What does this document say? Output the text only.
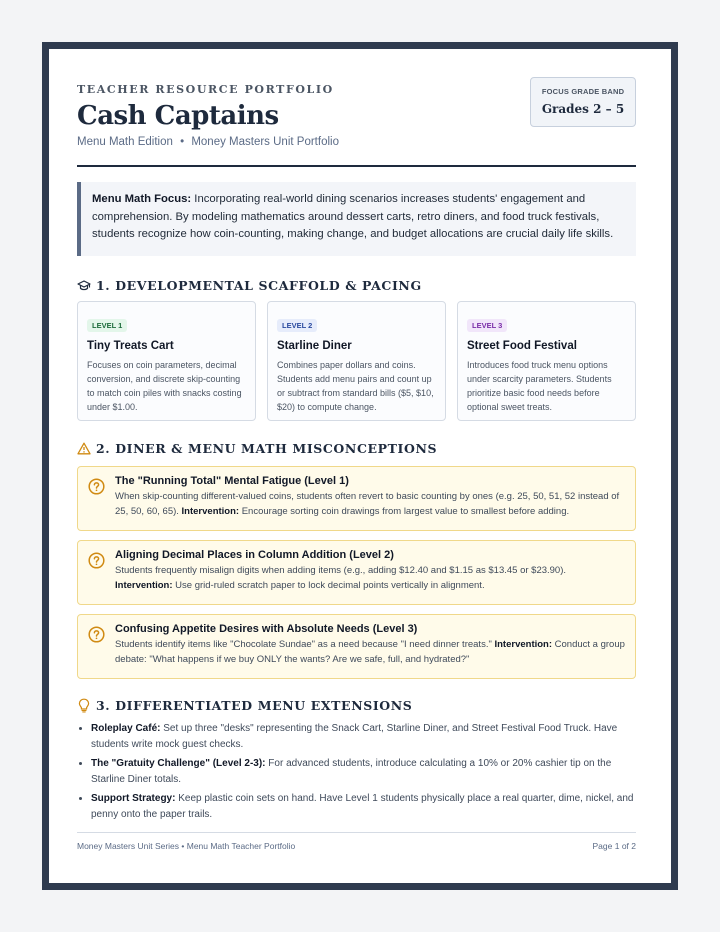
TEACHER RESOURCE PORTFOLIO
Cash Captains
Menu Math Edition • Money Masters Unit Portfolio
FOCUS GRADE BAND
Grades 2 – 5
Menu Math Focus: Incorporating real-world dining scenarios increases students' engagement and comprehension. By modeling mathematics around dessert carts, retro diners, and food truck festivals, students recognize how coin-counting, making change, and budget allocations are crucial daily life skills.
1. DEVELOPMENTAL SCAFFOLD & PACING
LEVEL 1
Tiny Treats Cart
Focuses on coin parameters, decimal conversion, and discrete skip-counting to match coin piles with snacks costing under $1.00.
LEVEL 2
Starline Diner
Combines paper dollars and coins. Students add menu pairs and count up or subtract from standard bills ($5, $10, $20) to compute change.
LEVEL 3
Street Food Festival
Introduces food truck menu options under scarcity parameters. Students prioritize basic food needs before optional sweet treats.
2. DINER & MENU MATH MISCONCEPTIONS
The "Running Total" Mental Fatigue (Level 1)
When skip-counting different-valued coins, students often revert to basic counting by ones (e.g. 25, 50, 51, 52 instead of 25, 50, 60, 65). Intervention: Encourage sorting coin drawings from largest value to smallest before adding.
Aligning Decimal Places in Column Addition (Level 2)
Students frequently misalign digits when adding items (e.g., adding $12.40 and $1.15 as $13.45 or $23.90). Intervention: Use grid-ruled scratch paper to lock decimal points vertically in alignment.
Confusing Appetite Desires with Absolute Needs (Level 3)
Students identify items like "Chocolate Sundae" as a need because "I need dinner treats." Intervention: Conduct a group debate: "What happens if we buy ONLY the wants? Are we safe, full, and hydrated?"
3. DIFFERENTIATED MENU EXTENSIONS
• Roleplay Café: Set up three "desks" representing the Snack Cart, Starline Diner, and Street Festival Food Truck. Have students write mock guest checks.
• The "Gratuity Challenge" (Level 2-3): For advanced students, introduce calculating a 10% or 20% cashier tip on the Starline Diner totals.
• Support Strategy: Keep plastic coin sets on hand. Have Level 1 students physically place a real quarter, dime, nickel, and penny onto the paper trails.
Money Masters Unit Series • Menu Math Teacher Portfolio	Page 1 of 2
